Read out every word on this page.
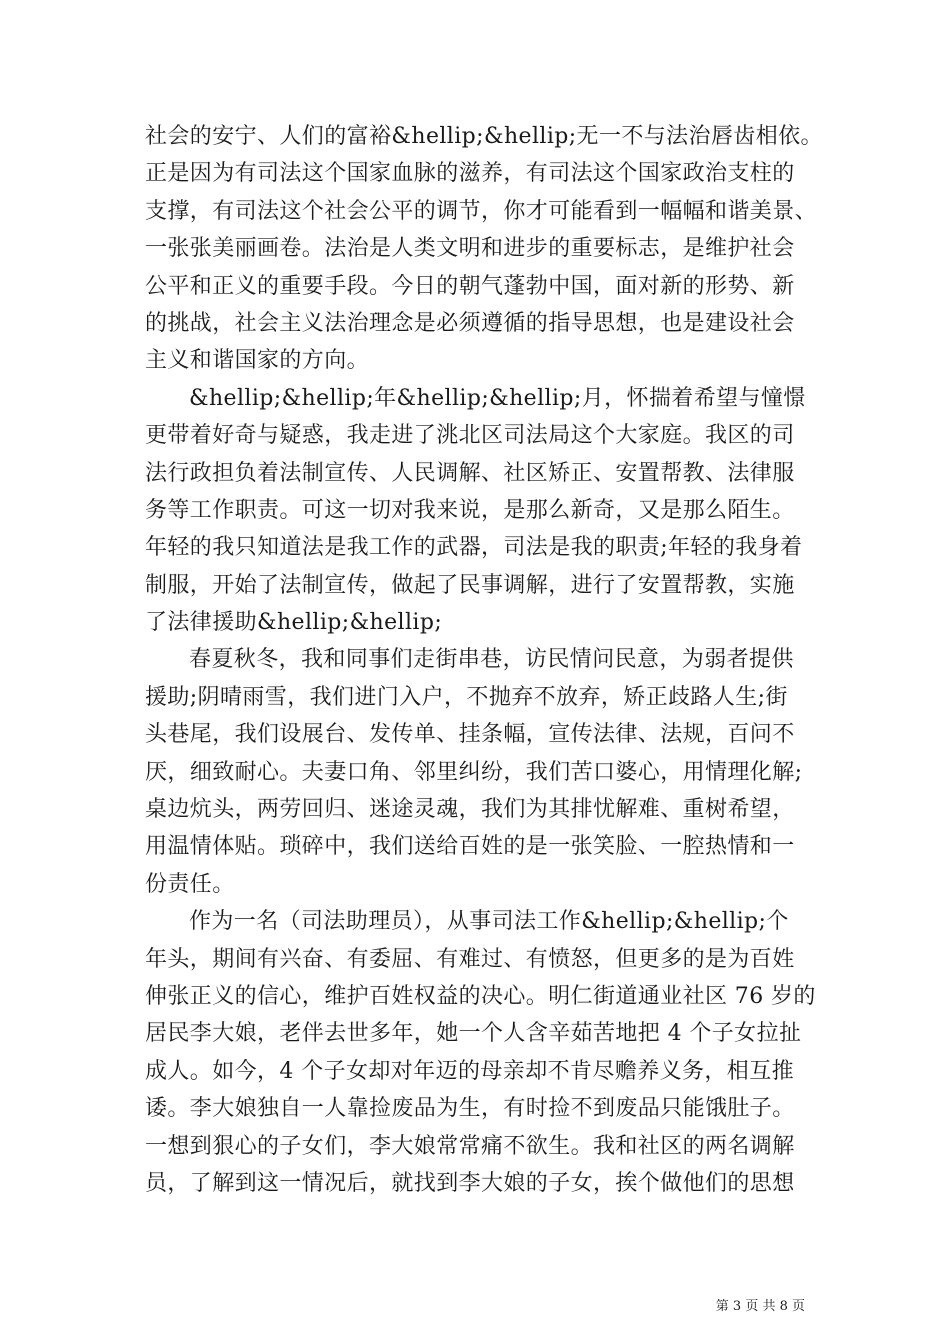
社会的安宁、人们的富裕&hellip;&hellip;无一不与法治唇齿相依。
正是因为有司法这个国家血脉的滋养，有司法这个国家政治支柱的
支撑，有司法这个社会公平的调节，你才可能看到一幅幅和谐美景、
一张张美丽画卷。法治是人类文明和进步的重要标志，是维护社会
公平和正义的重要手段。今日的朝气蓬勃中国，面对新的形势、新
的挑战，社会主义法治理念是必须遵循的指导思想，也是建设社会
主义和谐国家的方向。
&hellip;&hellip;年&hellip;&hellip;月，怀揣着希望与憧憬
更带着好奇与疑惑，我走进了洮北区司法局这个大家庭。我区的司
法行政担负着法制宣传、人民调解、社区矫正、安置帮教、法律服
务等工作职责。可这一切对我来说，是那么新奇，又是那么陌生。
年轻的我只知道法是我工作的武器，司法是我的职责;年轻的我身着
制服，开始了法制宣传，做起了民事调解，进行了安置帮教，实施
了法律援助&hellip;&hellip;
春夏秋冬，我和同事们走街串巷，访民情问民意，为弱者提供
援助;阴晴雨雪，我们进门入户，不抛弃不放弃，矫正歧路人生;街
头巷尾，我们设展台、发传单、挂条幅，宣传法律、法规，百问不
厌，细致耐心。夫妻口角、邻里纠纷，我们苦口婆心，用情理化解;
桌边炕头，两劳回归、迷途灵魂，我们为其排忧解难、重树希望，
用温情体贴。琐碎中，我们送给百姓的是一张笑脸、一腔热情和一
份责任。
作为一名（司法助理员），从事司法工作&hellip;&hellip;个
年头，期间有兴奋、有委屈、有难过、有愤怒，但更多的是为百姓
伸张正义的信心，维护百姓权益的决心。明仁街道通业社区 76 岁的
居民李大娘，老伴去世多年，她一个人含辛茹苦地把 4 个子女拉扯
成人。如今，4 个子女却对年迈的母亲却不肯尽赡养义务，相互推
诿。李大娘独自一人靠捡废品为生，有时捡不到废品只能饿肚子。
一想到狠心的子女们，李大娘常常痛不欲生。我和社区的两名调解
员，了解到这一情况后，就找到李大娘的子女，挨个做他们的思想
第 3 页 共 8 页
